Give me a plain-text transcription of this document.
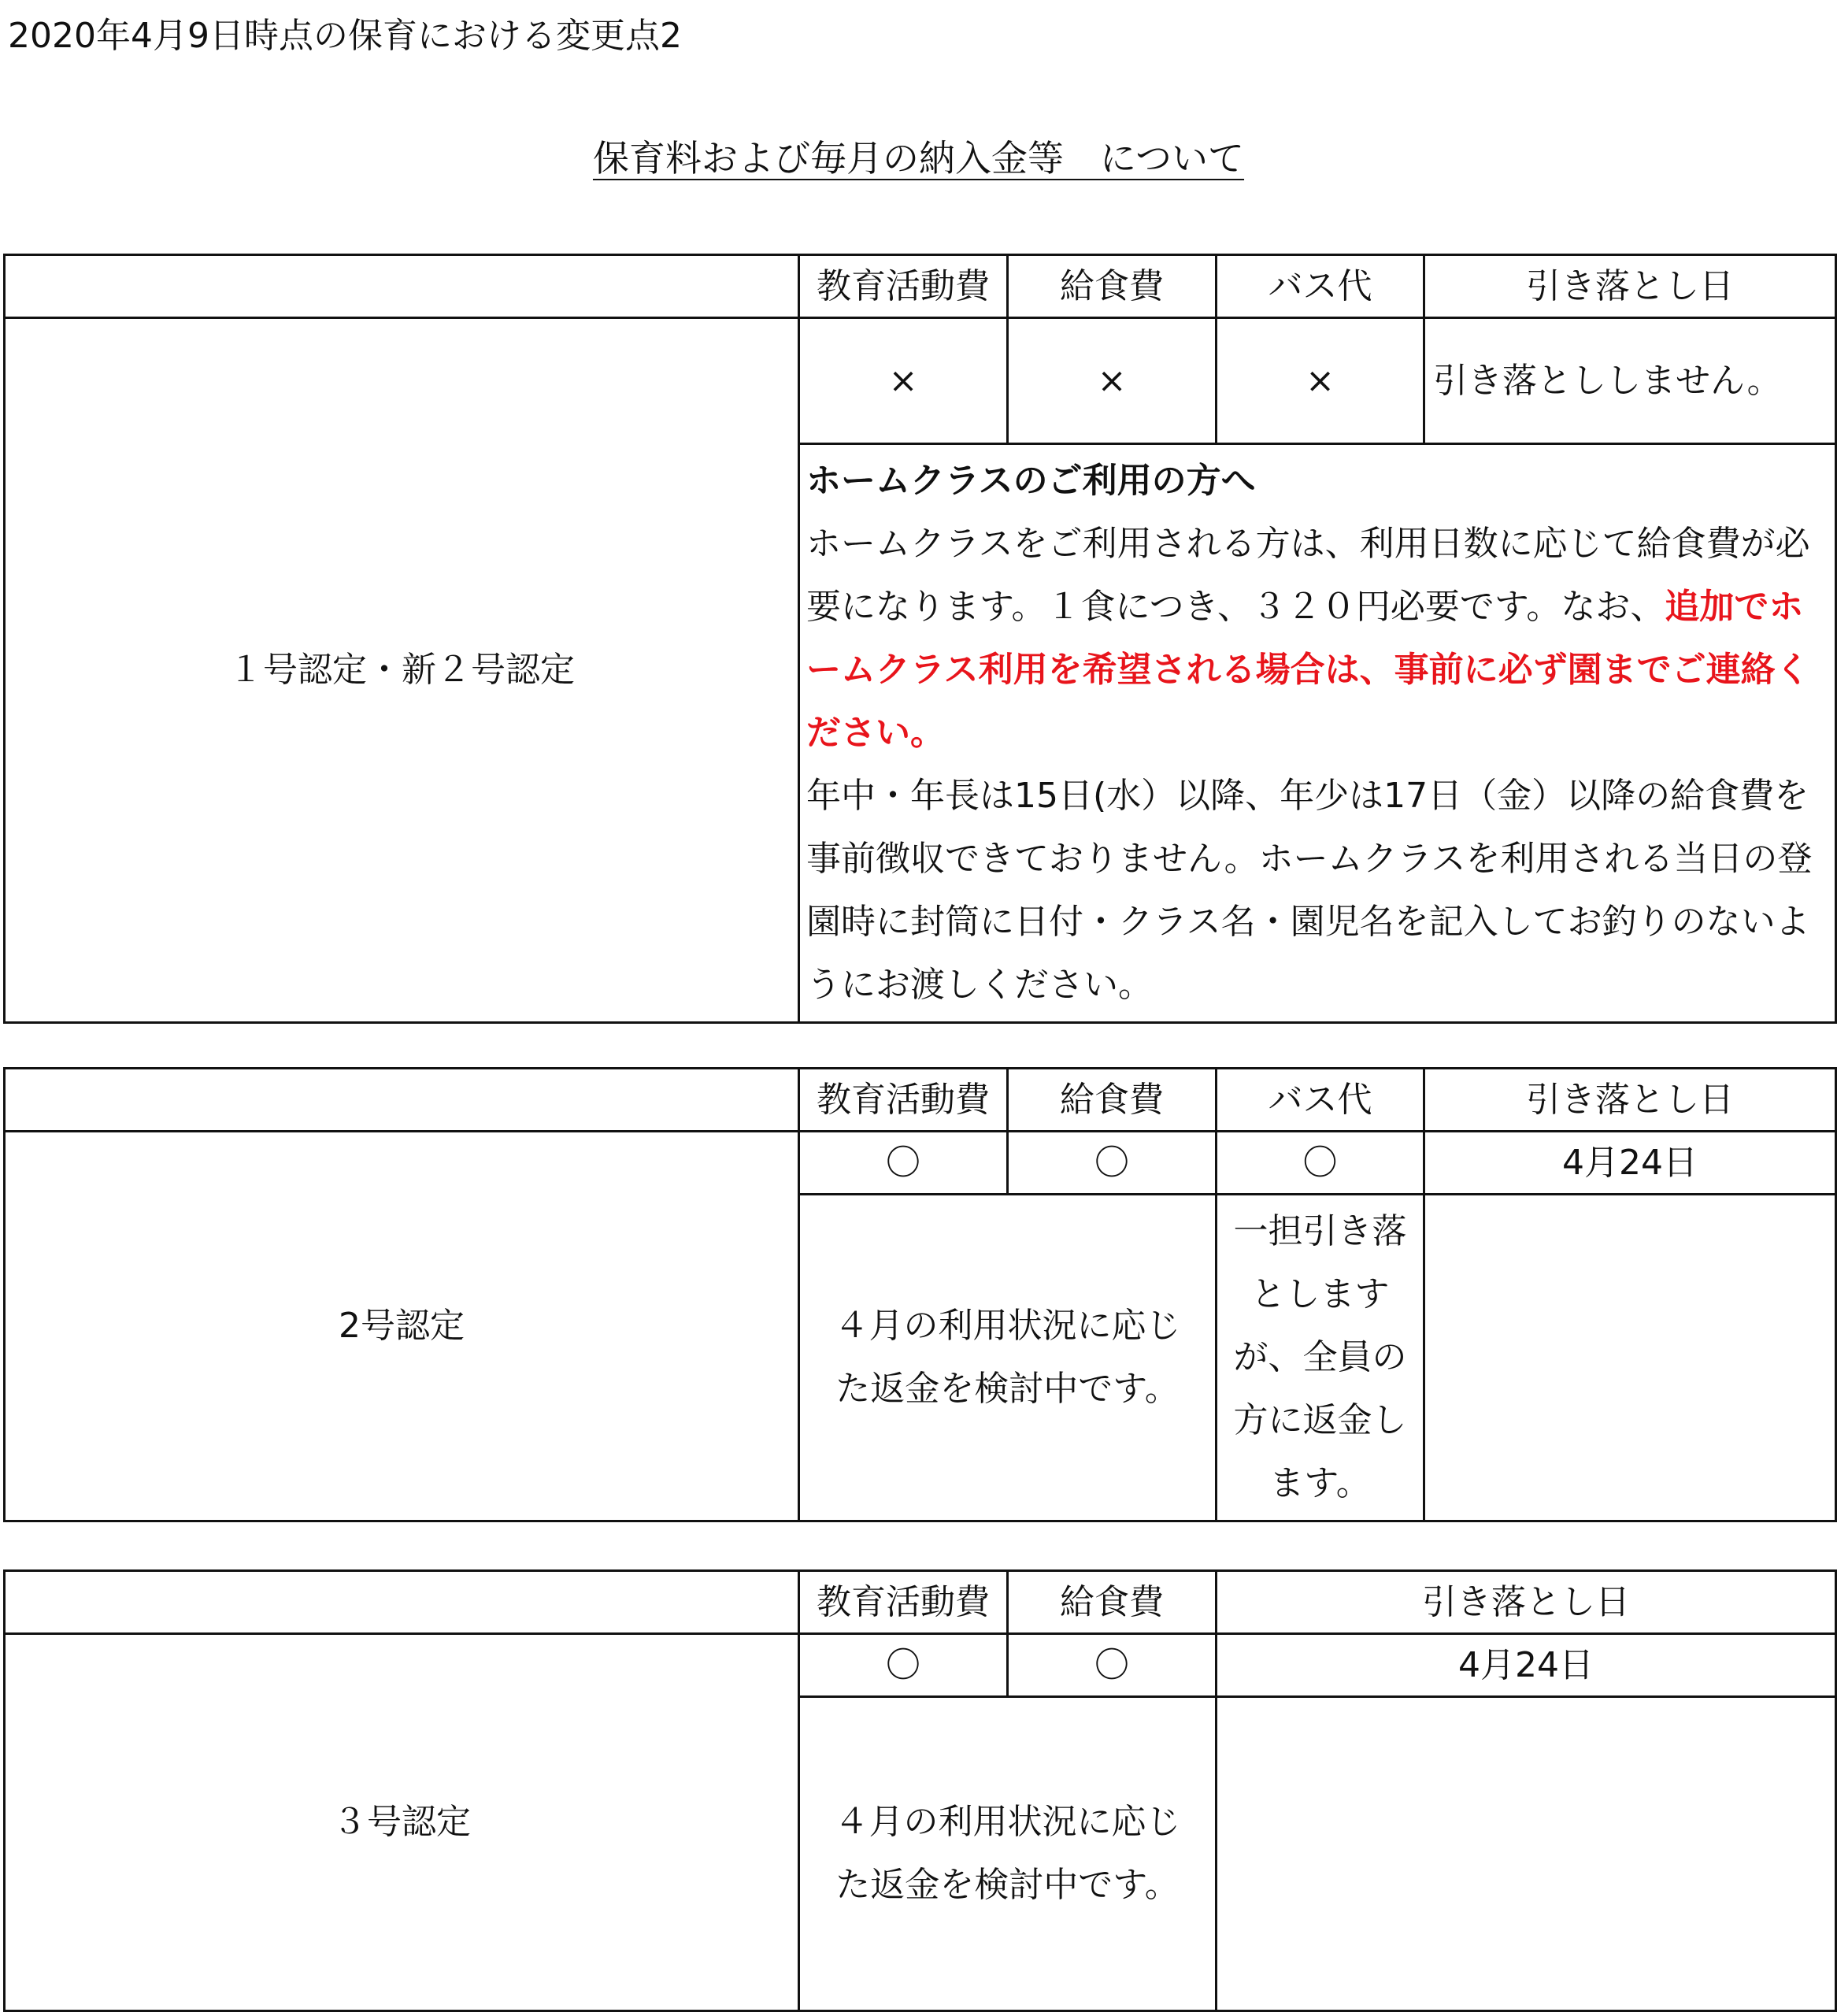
2020年4月9日時点の保育における変更点2
保育料および毎月の納入金等　について
	教育活動費	給食費	バス代	引き落とし日
１号認定・新２号認定	×	×	×	引き落とししません。

	ホームクラスのご利用の方へ
ホームクラスをご利用される方は、利用日数に応じて給食費が必要になります。１食につき、３２０円必要です。なお、追加でホームクラス利用を希望される場合は、事前に必ず園までご連絡ください。
年中・年長は15日(水）以降、年少は17日（金）以降の給食費を事前徴収できておりません。ホームクラスを利用される当日の登園時に封筒に日付・クラス名・園児名を記入してお釣りのないようにお渡しください。			
	教育活動費	給食費	バス代	引き落とし日
2号認定	〇	〇	〇	4月24日
	４月の利用状況に応じた返金を検討中です。		一担引き落としますが、全員の方に返金します。	
	教育活動費	給食費	引き落とし日
３号認定	〇	〇	4月24日
	４月の利用状況に応じた返金を検討中です。		
